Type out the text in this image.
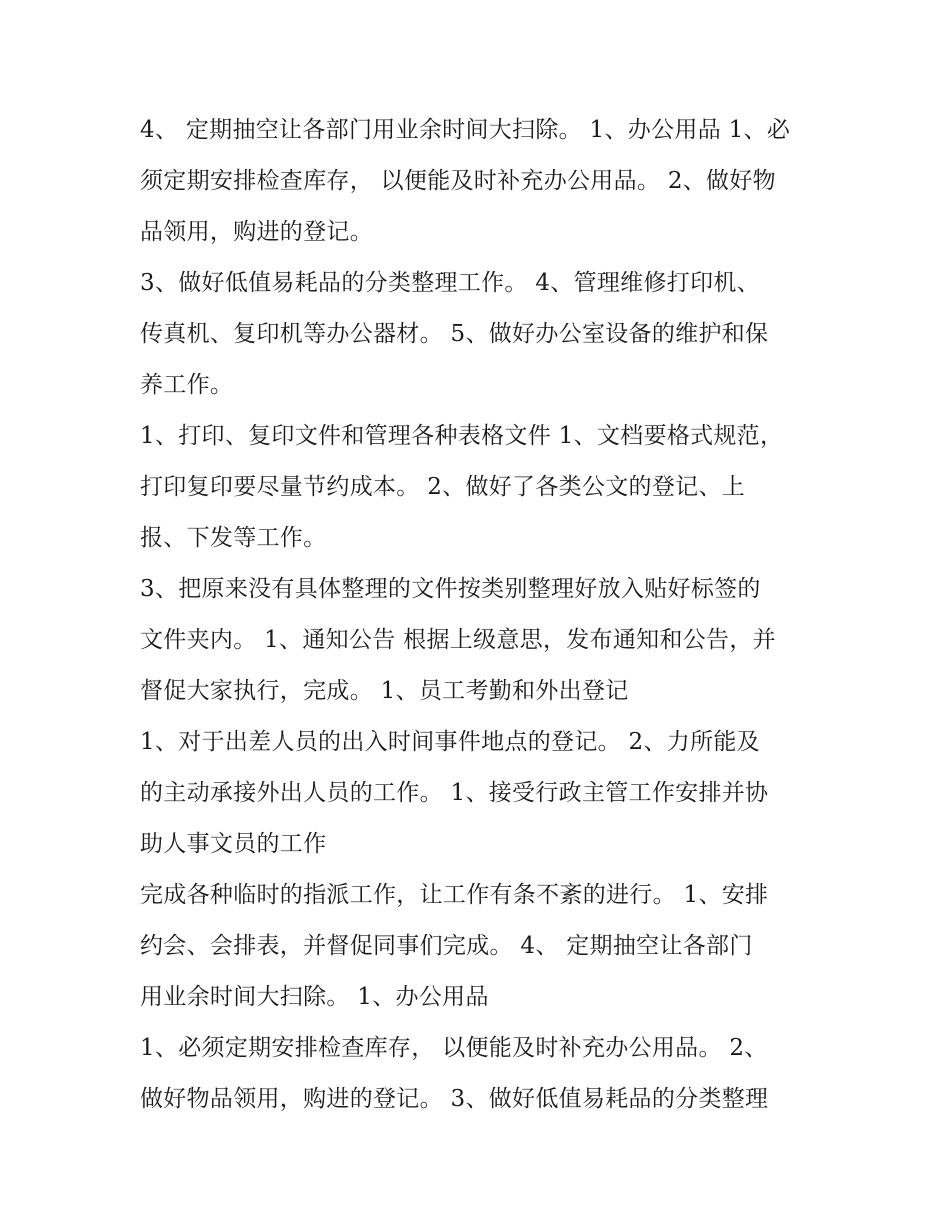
4、 定期抽空让各部门用业余时间大扫除。 1、办公用品 1、必
须定期安排检查库存， 以便能及时补充办公用品。 2、做好物
品领用，购进的登记。
3、做好低值易耗品的分类整理工作。 4、管理维修打印机、
传真机、复印机等办公器材。 5、做好办公室设备的维护和保
养工作。
1、打印、复印文件和管理各种表格文件 1、文档要格式规范，
打印复印要尽量节约成本。 2、做好了各类公文的登记、上
报、下发等工作。
3、把原来没有具体整理的文件按类别整理好放入贴好标签的
文件夹内。 1、通知公告 根据上级意思，发布通知和公告，并
督促大家执行，完成。 1、员工考勤和外出登记
1、对于出差人员的出入时间事件地点的登记。 2、力所能及
的主动承接外出人员的工作。 1、接受行政主管工作安排并协
助人事文员的工作
完成各种临时的指派工作，让工作有条不紊的进行。 1、安排
约会、会排表，并督促同事们完成。 4、 定期抽空让各部门
用业余时间大扫除。 1、办公用品
1、必须定期安排检查库存， 以便能及时补充办公用品。 2、
做好物品领用，购进的登记。 3、做好低值易耗品的分类整理
